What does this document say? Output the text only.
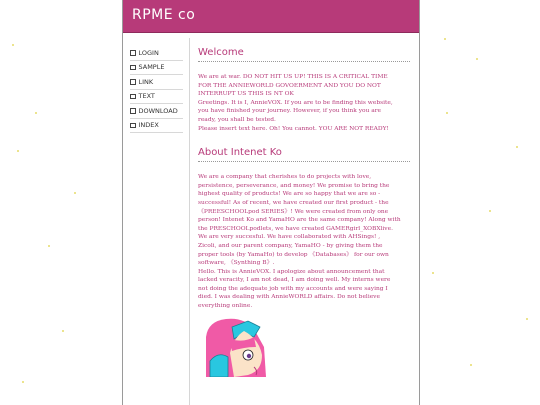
RPME co
LOGIN
SAMPLE
LINK
TEXT
DOWNLOAD
INDEX
Welcome
We are at war. DO NOT HIT US UP! THIS IS A CRITICAL TIME
FOR THE ANNIEWORLD GOVOERMENT AND YOU DO NOT
INTERRUPT US THIS IS NT OK
Greetings. It is I, AnnieVOX. If you are to be finding this website,
you have finished your journey. However, if you think you are
ready, you shall be tested.
Please insert text here. Oh! You cannot. YOU ARE NOT READY!
About Intenet Ko
We are a company that cherishes to do projects with love,
persistence, perseverance, and money! We promise to bring the
highest quality of products! We are so happy that we are so -
successful! As of recent, we have created our first product - the
《PREESCHOOLpod SERIES》! We were created from only one
person! Intenet Ko and YamaHO are the same company! Along with
the PRESCHOOLpodlets, we have created GAMERgirl_XOBXlive.
We are very succesful. We have collaborated with AHSings! ,
Zicoli, and our parent company, YamaHO - by giving them the
proper tools (by YamaHo) to develop 《Databases》 for our own
software, 《Synthing B》.
Hello. This is AnnieVOX. I apologize about announcement that
lacked veracity, I am not dead, I am doing well. My interns were
not doing the adequate job with my accounts and were saying I
died. I was dealing with AnnieWORLD affairs. Do not believe
everything online.
